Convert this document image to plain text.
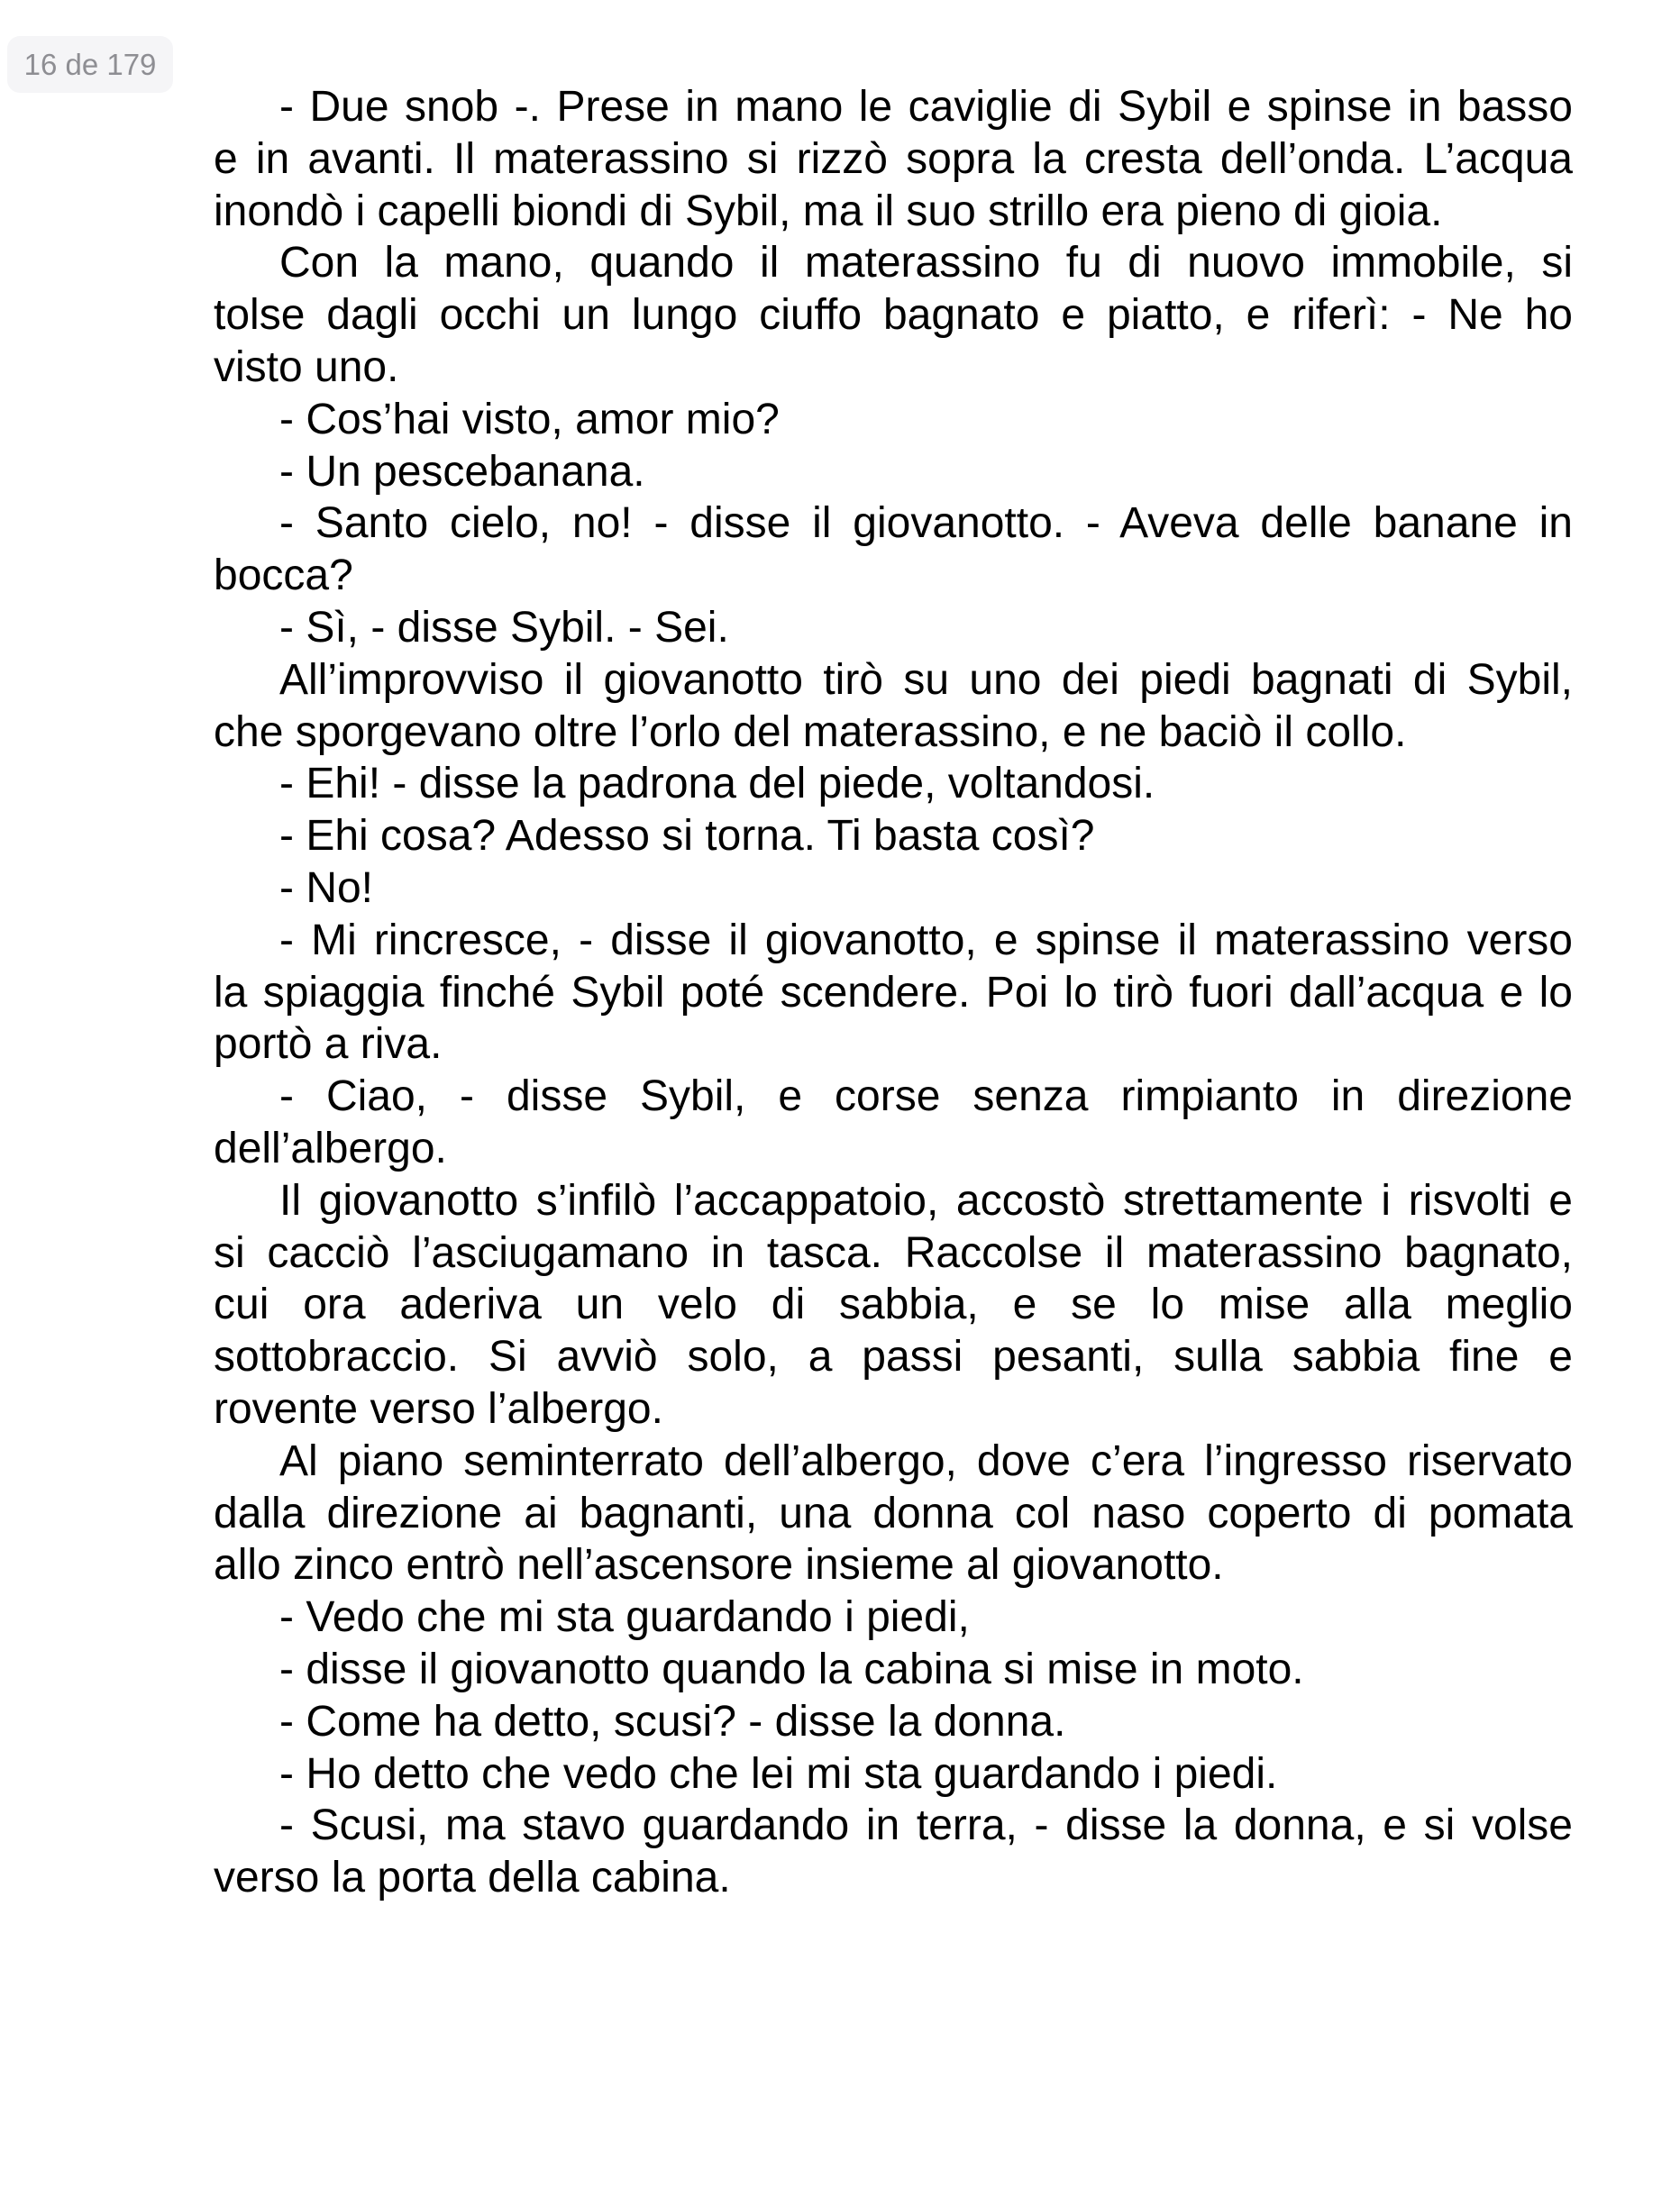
16 de 179
- Due snob -. Prese in mano le caviglie di Sybil e spinse in basso
e in avanti. Il materassino si rizzò sopra la cresta dell’onda. L’acqua
inondò i capelli biondi di Sybil, ma il suo strillo era pieno di gioia.
Con la mano, quando il materassino fu di nuovo immobile, si
tolse dagli occhi un lungo ciuffo bagnato e piatto, e riferì: - Ne ho
visto uno.
- Cos’hai visto, amor mio?
- Un pescebanana.
- Santo cielo, no! - disse il giovanotto. - Aveva delle banane in
bocca?
- Sì, - disse Sybil. - Sei.
All’improvviso il giovanotto tirò su uno dei piedi bagnati di Sybil,
che sporgevano oltre l’orlo del materassino, e ne baciò il collo.
- Ehi! - disse la padrona del piede, voltandosi.
- Ehi cosa? Adesso si torna. Ti basta così?
- No!
- Mi rincresce, - disse il giovanotto, e spinse il materassino verso
la spiaggia finché Sybil poté scendere. Poi lo tirò fuori dall’acqua e lo
portò a riva.
- Ciao, - disse Sybil, e corse senza rimpianto in direzione
dell’albergo.
Il giovanotto s’infilò l’accappatoio, accostò strettamente i risvolti e
si cacciò l’asciugamano in tasca. Raccolse il materassino bagnato,
cui ora aderiva un velo di sabbia, e se lo mise alla meglio
sottobraccio. Si avviò solo, a passi pesanti, sulla sabbia fine e
rovente verso l’albergo.
Al piano seminterrato dell’albergo, dove c’era l’ingresso riservato
dalla direzione ai bagnanti, una donna col naso coperto di pomata
allo zinco entrò nell’ascensore insieme al giovanotto.
- Vedo che mi sta guardando i piedi,
- disse il giovanotto quando la cabina si mise in moto.
- Come ha detto, scusi? - disse la donna.
- Ho detto che vedo che lei mi sta guardando i piedi.
- Scusi, ma stavo guardando in terra, - disse la donna, e si volse
verso la porta della cabina.
